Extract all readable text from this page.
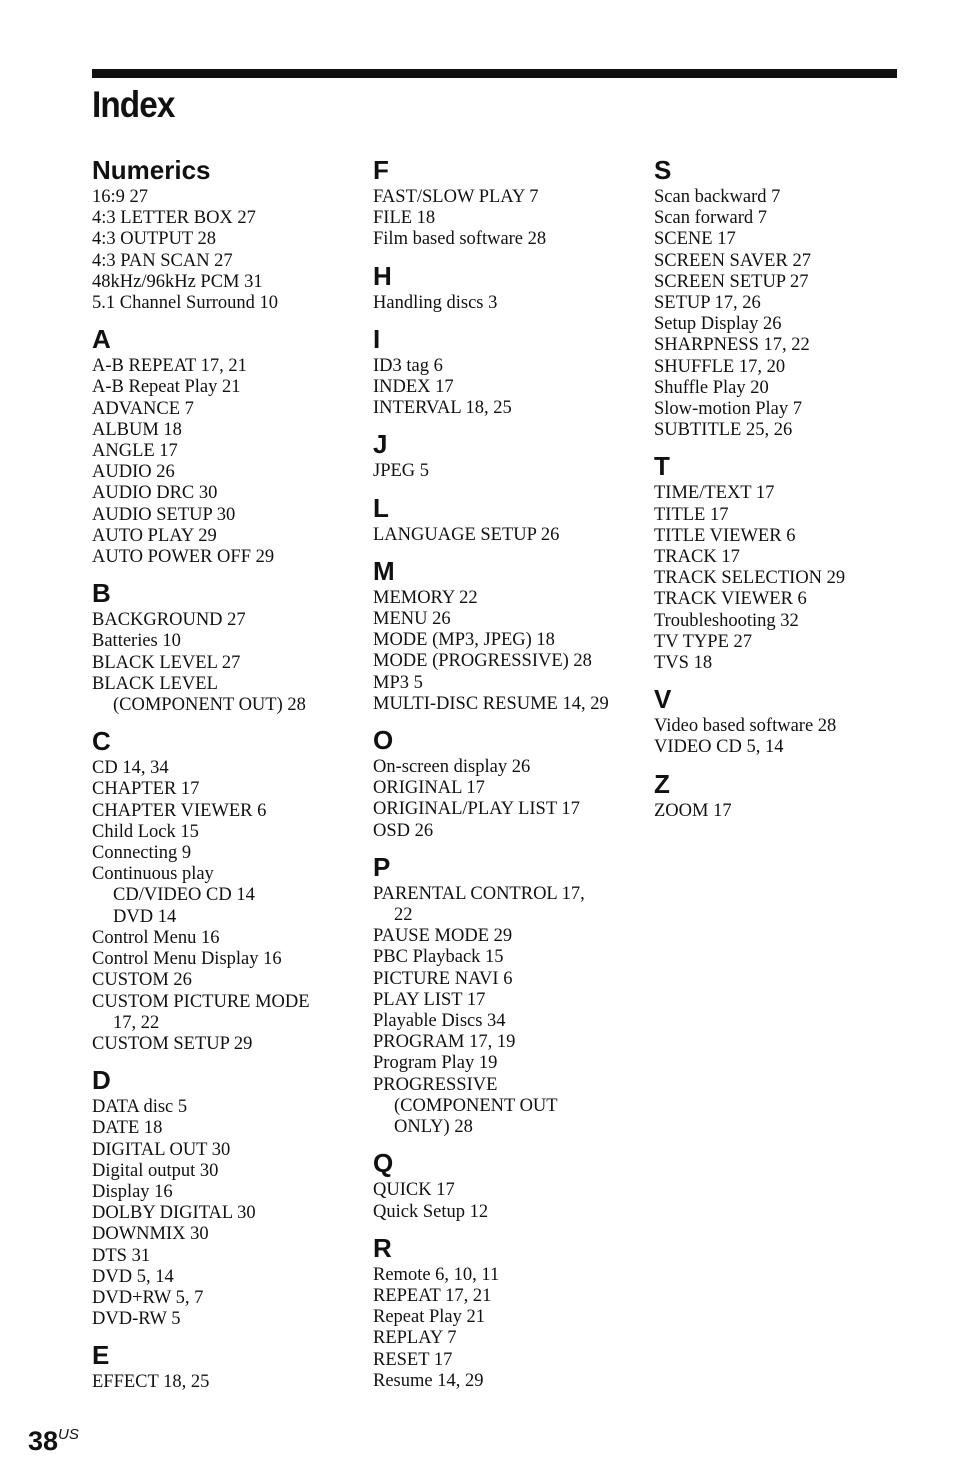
Index
Numerics
16:9 27
4:3 LETTER BOX 27
4:3 OUTPUT 28
4:3 PAN SCAN 27
48kHz/96kHz PCM 31
5.1 Channel Surround 10
A
A-B REPEAT 17, 21
A-B Repeat Play 21
ADVANCE 7
ALBUM 18
ANGLE 17
AUDIO 26
AUDIO DRC 30
AUDIO SETUP 30
AUTO PLAY 29
AUTO POWER OFF 29
B
BACKGROUND 27
Batteries 10
BLACK LEVEL 27
BLACK LEVEL
(COMPONENT OUT) 28
C
CD 14, 34
CHAPTER 17
CHAPTER VIEWER 6
Child Lock 15
Connecting 9
Continuous play
CD/VIDEO CD 14
DVD 14
Control Menu 16
Control Menu Display 16
CUSTOM 26
CUSTOM PICTURE MODE
17, 22
CUSTOM SETUP 29
D
DATA disc 5
DATE 18
DIGITAL OUT 30
Digital output 30
Display 16
DOLBY DIGITAL 30
DOWNMIX 30
DTS 31
DVD 5, 14
DVD+RW 5, 7
DVD-RW 5
E
EFFECT 18, 25
F
FAST/SLOW PLAY 7
FILE 18
Film based software 28
H
Handling discs 3
I
ID3 tag 6
INDEX 17
INTERVAL 18, 25
J
JPEG 5
L
LANGUAGE SETUP 26
M
MEMORY 22
MENU 26
MODE (MP3, JPEG) 18
MODE (PROGRESSIVE) 28
MP3 5
MULTI-DISC RESUME 14, 29
O
On-screen display 26
ORIGINAL 17
ORIGINAL/PLAY LIST 17
OSD 26
P
PARENTAL CONTROL 17,
22
PAUSE MODE 29
PBC Playback 15
PICTURE NAVI 6
PLAY LIST 17
Playable Discs 34
PROGRAM 17, 19
Program Play 19
PROGRESSIVE
(COMPONENT OUT
ONLY) 28
Q
QUICK 17
Quick Setup 12
R
Remote 6, 10, 11
REPEAT 17, 21
Repeat Play 21
REPLAY 7
RESET 17
Resume 14, 29
S
Scan backward 7
Scan forward 7
SCENE 17
SCREEN SAVER 27
SCREEN SETUP 27
SETUP 17, 26
Setup Display 26
SHARPNESS 17, 22
SHUFFLE 17, 20
Shuffle Play 20
Slow-motion Play 7
SUBTITLE 25, 26
T
TIME/TEXT 17
TITLE 17
TITLE VIEWER 6
TRACK 17
TRACK SELECTION 29
TRACK VIEWER 6
Troubleshooting 32
TV TYPE 27
TVS 18
V
Video based software 28
VIDEO CD 5, 14
Z
ZOOM 17
38US
